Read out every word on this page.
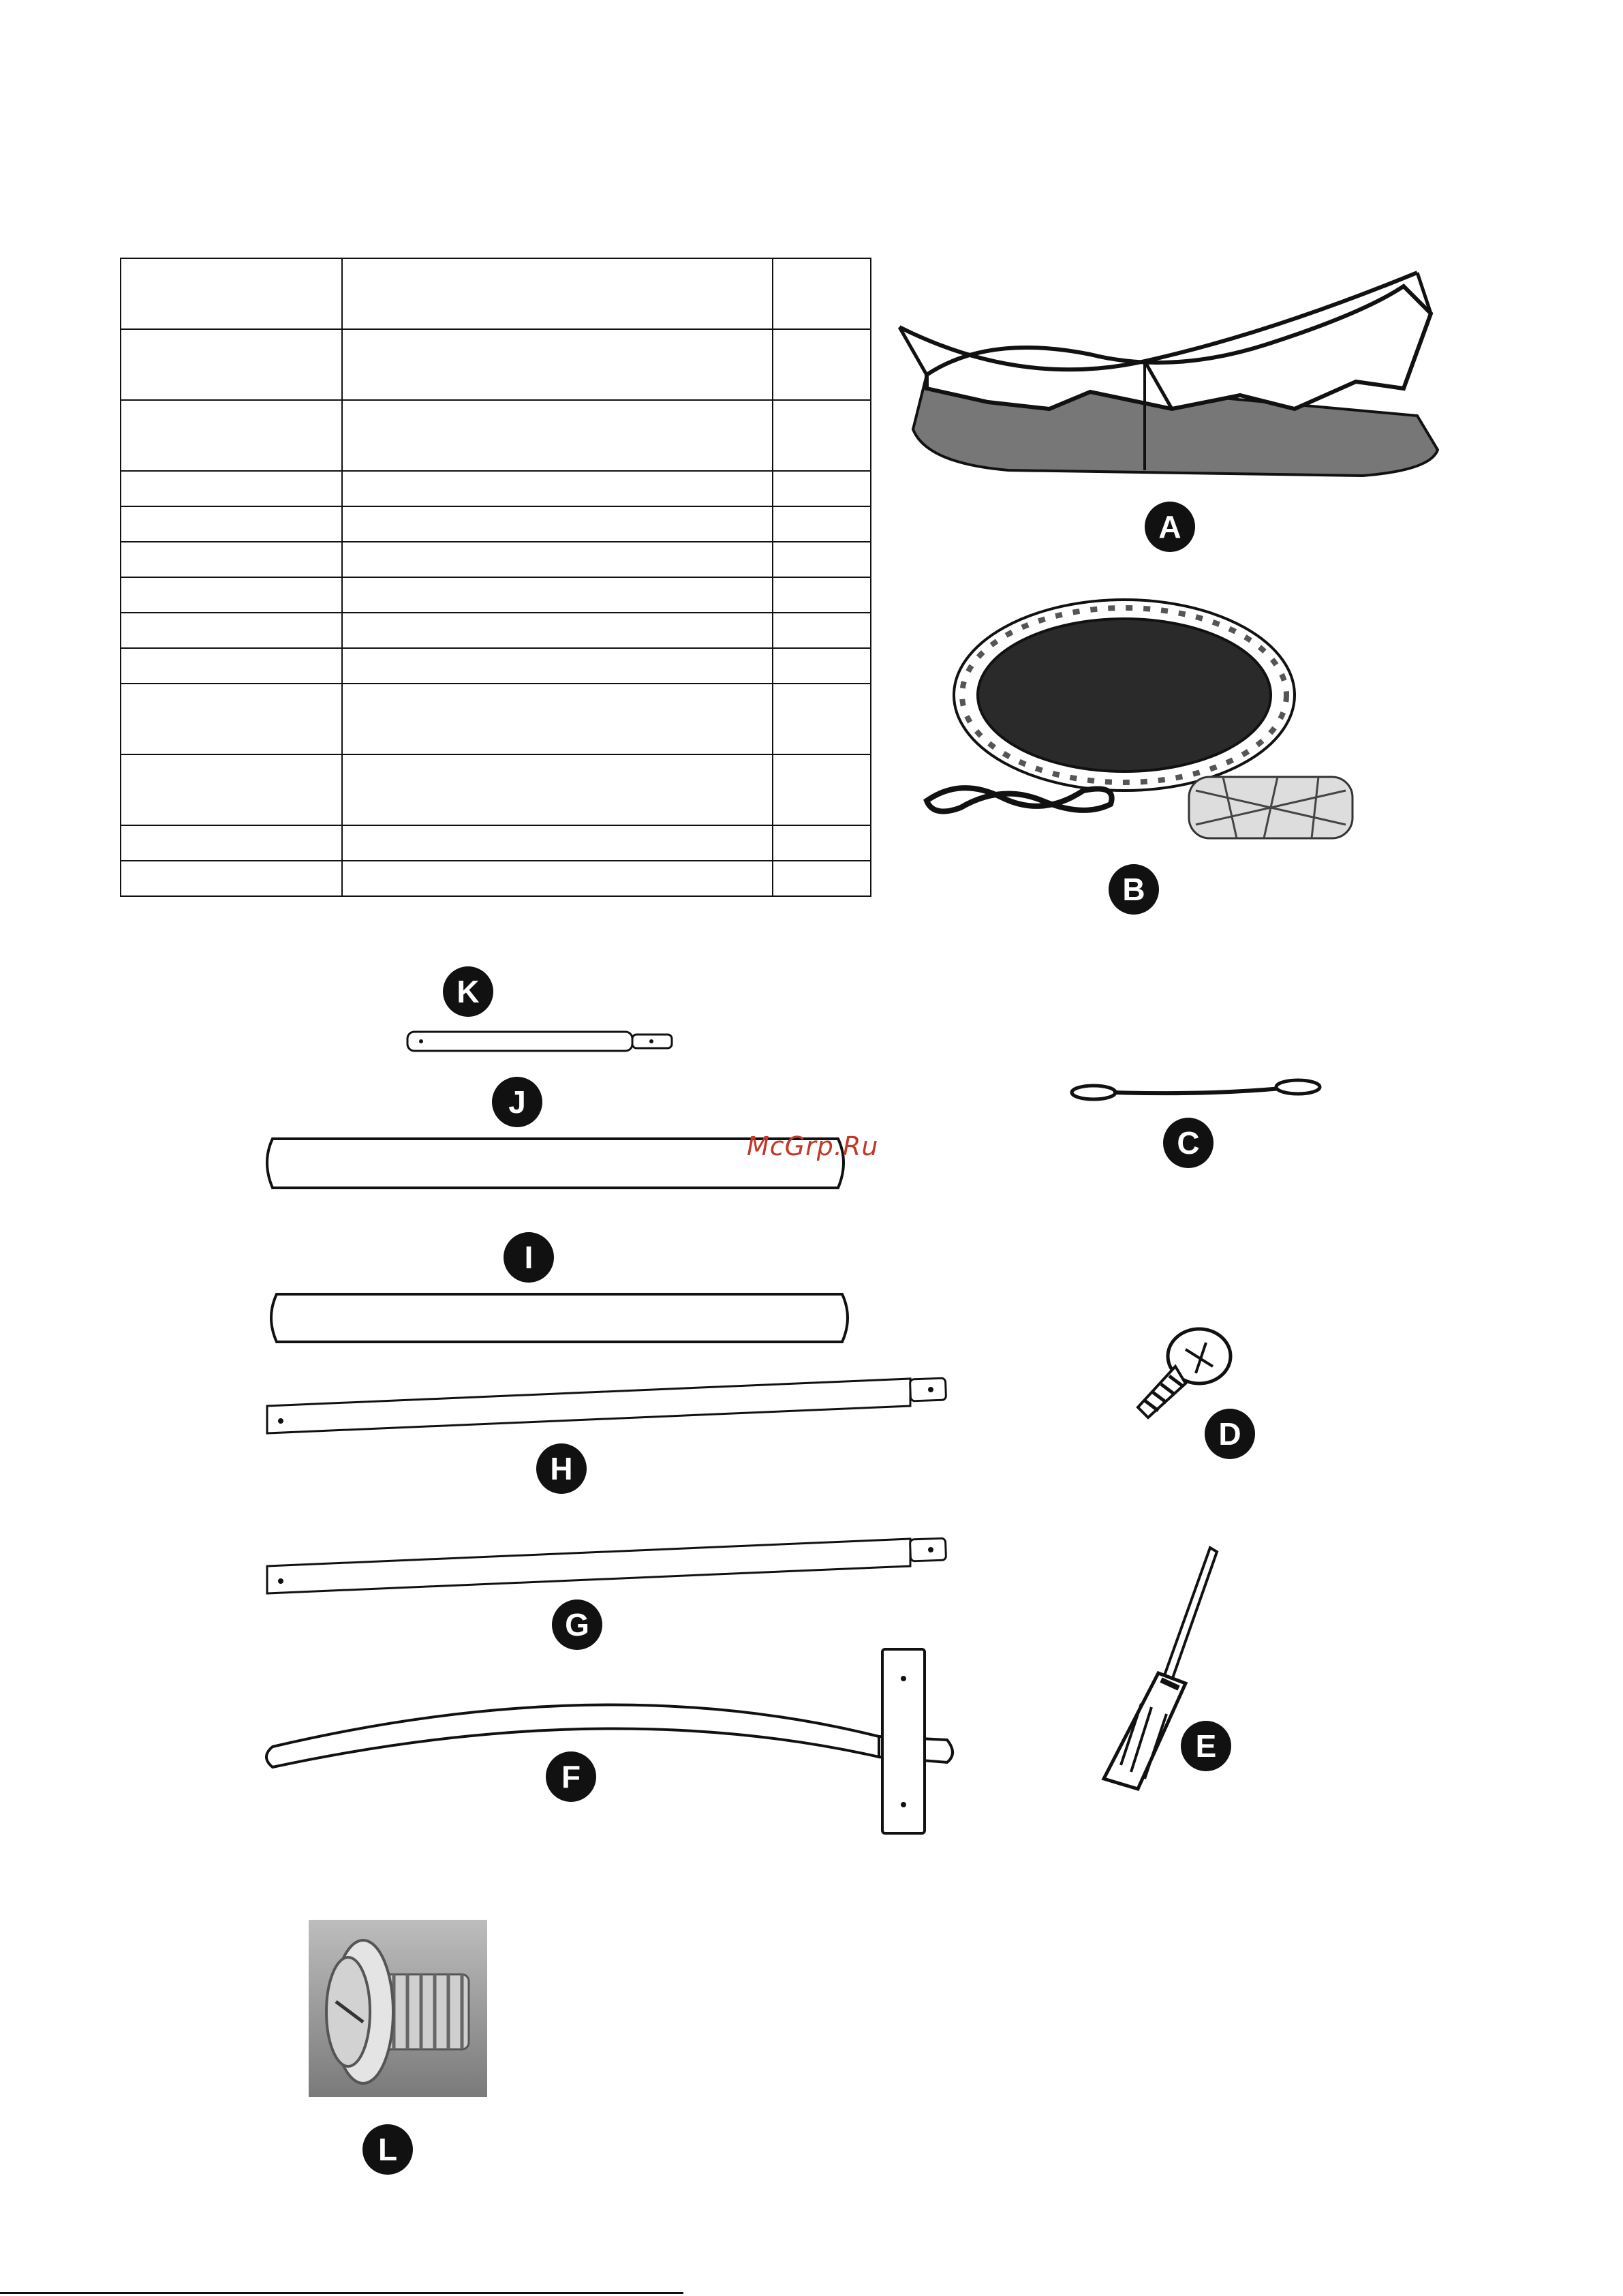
A
B
K
J
McGrp.Ru
I
H
G
F
C
D
E
L
